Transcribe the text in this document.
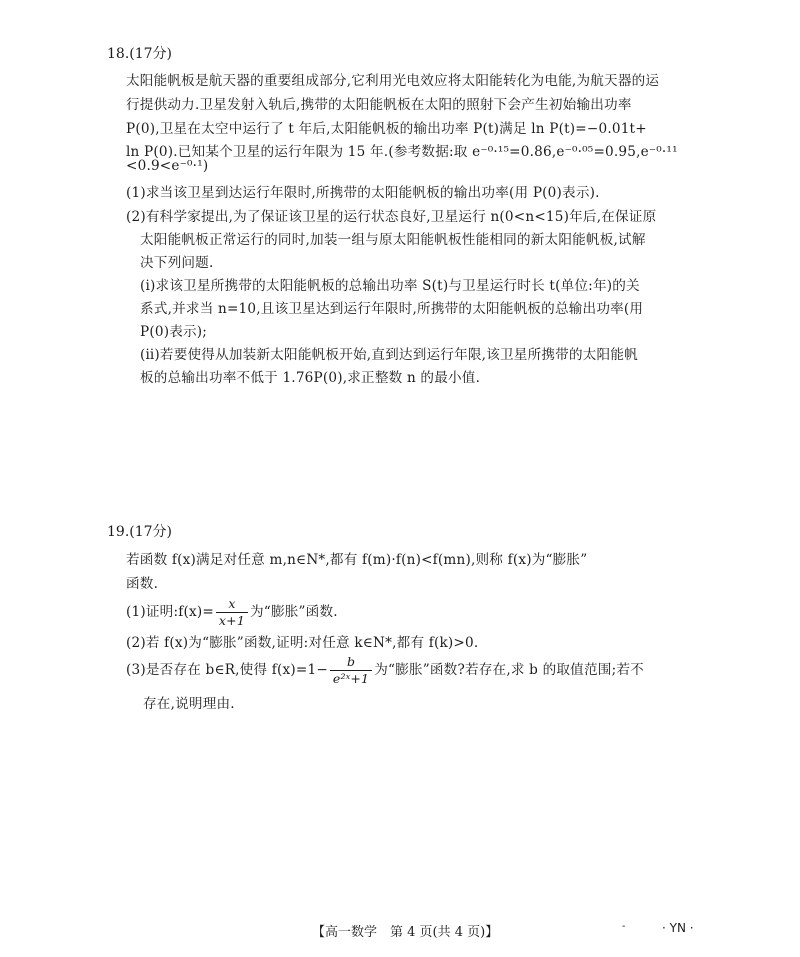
18.(17分)
太阳能帆板是航天器的重要组成部分,它利用光电效应将太阳能转化为电能,为航天器的运
行提供动力.卫星发射入轨后,携带的太阳能帆板在太阳的照射下会产生初始输出功率
P(0),卫星在太空中运行了 t 年后,太阳能帆板的输出功率 P(t)满足 ln P(t)=−0.01t+
ln P(0).已知某个卫星的运行年限为 15 年.(参考数据:取 e⁻⁰·¹⁵=0.86,e⁻⁰·⁰⁵=0.95,e⁻⁰·¹¹
<0.9<e⁻⁰·¹)
(1)求当该卫星到达运行年限时,所携带的太阳能帆板的输出功率(用 P(0)表示).
(2)有科学家提出,为了保证该卫星的运行状态良好,卫星运行 n(0<n<15)年后,在保证原
太阳能帆板正常运行的同时,加装一组与原太阳能帆板性能相同的新太阳能帆板,试解
决下列问题.
(ⅰ)求该卫星所携带的太阳能帆板的总输出功率 S(t)与卫星运行时长 t(单位:年)的关
系式,并求当 n=10,且该卫星达到运行年限时,所携带的太阳能帆板的总输出功率(用
P(0)表示);
(ⅱ)若要使得从加装新太阳能帆板开始,直到达到运行年限,该卫星所携带的太阳能帆
板的总输出功率不低于 1.76P(0),求正整数 n 的最小值.
19.(17分)
若函数 f(x)满足对任意 m,n∈N*,都有 f(m)·f(n)<f(mn),则称 f(x)为“膨胀”
函数.
(1)证明:f(x)= $\frac{x}{x+1}$ 为“膨胀”函数.
(2)若 f(x)为“膨胀”函数,证明:对任意 k∈N*,都有 f(k)>0.
(3)是否存在 b∈R,使得 $f(x)=1- \frac{b}{\text{e²ˣ+1}}$ 为“膨胀”函数?若存在,求 b 的取值范围;若不
存在,说明理由.
【高一数学　第 4 页(共 4 页)】	-	· YN ·
